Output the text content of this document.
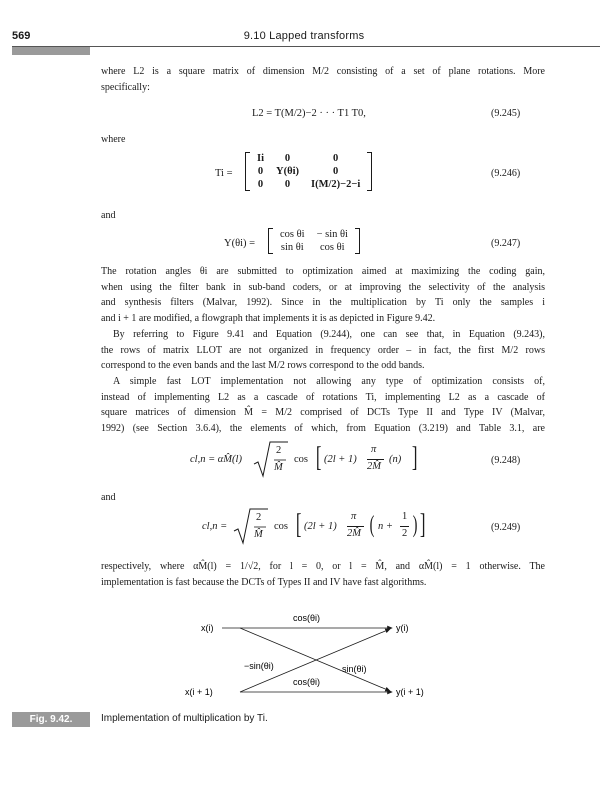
569	9.10 Lapped transforms
where L2 is a square matrix of dimension M/2 consisting of a set of plane rotations. More
specifically:
L2 = T(M/2)−2 · · · T1 T0,	(9.245)
where
Ti =
Ii	0	0
0	Y(θi)	0
0	0	I(M/2)−2−i
(9.246)
and
Y(θi) =
cos θi	− sin θi
sin θi	cos θi	(9.247)
The rotation angles θi are submitted to optimization aimed at maximizing the coding gain,
when using the filter bank in sub-band coders, or at improving the selectivity of the analysis
and synthesis filters (Malvar, 1992). Since in the multiplication by Ti only the samples i
and i + 1 are modified, a flowgraph that implements it is as depicted in Figure 9.42.
By referring to Figure 9.41 and Equation (9.244), one can see that, in Equation (9.243),
the rows of matrix LLOT are not organized in frequency order – in fact, the first M/2 rows
correspond to the even bands and the last M/2 rows correspond to the odd bands.
A simple fast LOT implementation not allowing any type of optimization consists of,
instead of implementing L2 as a cascade of rotations Ti, implementing L2 as a cascade of
square matrices of dimension M̂ = M/2 comprised of DCTs Type II and Type IV (Malvar,
1992) (see Section 3.6.4), the elements of which, from Equation (3.219) and Table 3.1, are
cl,n = αM̂(l)
2
M̂
cos [ (2l + 1)
π
2M̂
(n) ]	(9.248)
and
cl,n =
2
M̂
cos [ (2l + 1)
π
2M̂ ( n +
1
2 ) ]	(9.249)
respectively, where αM̂(l) = 1/√2, for l = 0, or l = M̂, and αM̂(l) = 1 otherwise. The
implementation is fast because the DCTs of Types II and IV have fast algorithms.
x(i)
x(i + 1)
y(i)
y(i + 1)
cos(θi)
−sin(θi)	sin(θi)
cos(θi)
Fig. 9.42.	Implementation of multiplication by Ti.
